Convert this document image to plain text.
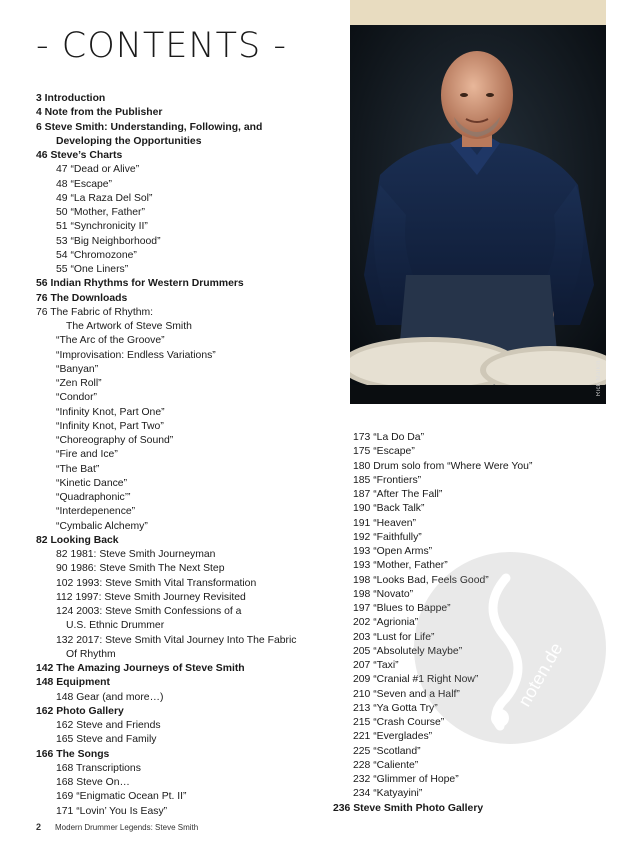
- CONTENTS -
Rick Malkin
3 Introduction
4 Note from the Publisher
6 Steve Smith: Understanding, Following, and
Developing the Opportunities
46 Steve’s Charts
47 “Dead or Alive”
48 “Escape”
49 “La Raza Del Sol”
50 “Mother, Father”
51 “Synchronicity II”
53 “Big Neighborhood”
54 “Chromozone”
55 “One Liners”
56 Indian Rhythms for Western Drummers
76 The Downloads
76 The Fabric of Rhythm:
The Artwork of Steve Smith
“The Arc of the Groove”
“Improvisation: Endless Variations”
“Banyan”
“Zen Roll”
“Condor”
“Infinity Knot, Part One”
“Infinity Knot, Part Two”
“Choreography of Sound”
“Fire and Ice”
“The Bat”
“Kinetic Dance”
“Quadraphonic’”
“Interdepenence”
“Cymbalic Alchemy”
82 Looking Back
82 1981: Steve Smith Journeyman
90 1986: Steve Smith The Next Step
102 1993: Steve Smith Vital Transformation
112 1997: Steve Smith Journey Revisited
124 2003: Steve Smith Confessions of a
U.S. Ethnic Drummer
132 2017: Steve Smith Vital Journey Into The Fabric
Of Rhythm
142 The Amazing Journeys of Steve Smith
148 Equipment
148 Gear (and more…)
162 Photo Gallery
162 Steve and Friends
165 Steve and Family
166 The Songs
168 Transcriptions
168 Steve On…
169 “Enigmatic Ocean Pt. II”
171 “Lovin’ You Is Easy”
173 “La Do Da”
175 “Escape”
180 Drum solo from “Where Were You”
185 “Frontiers”
187 “After The Fall”
190 “Back Talk”
191 “Heaven”
192 “Faithfully”
193 “Open Arms”
193 “Mother, Father”
198 “Looks Bad, Feels Good”
198 “Novato”
197 “Blues to Bappe”
202 “Agrionia”
203 “Lust for Life”
205 “Absolutely Maybe”
207 “Taxi”
209 “Cranial #1 Right Now”
210 “Seven and a Half”
213 “Ya Gotta Try”
215 “Crash Course”
221 “Everglades”
225 “Scotland”
228 “Caliente”
232 “Glimmer of Hope”
234 “Katyayini”
236 Steve Smith Photo Gallery
noten.de
2 Modern Drummer Legends: Steve Smith
